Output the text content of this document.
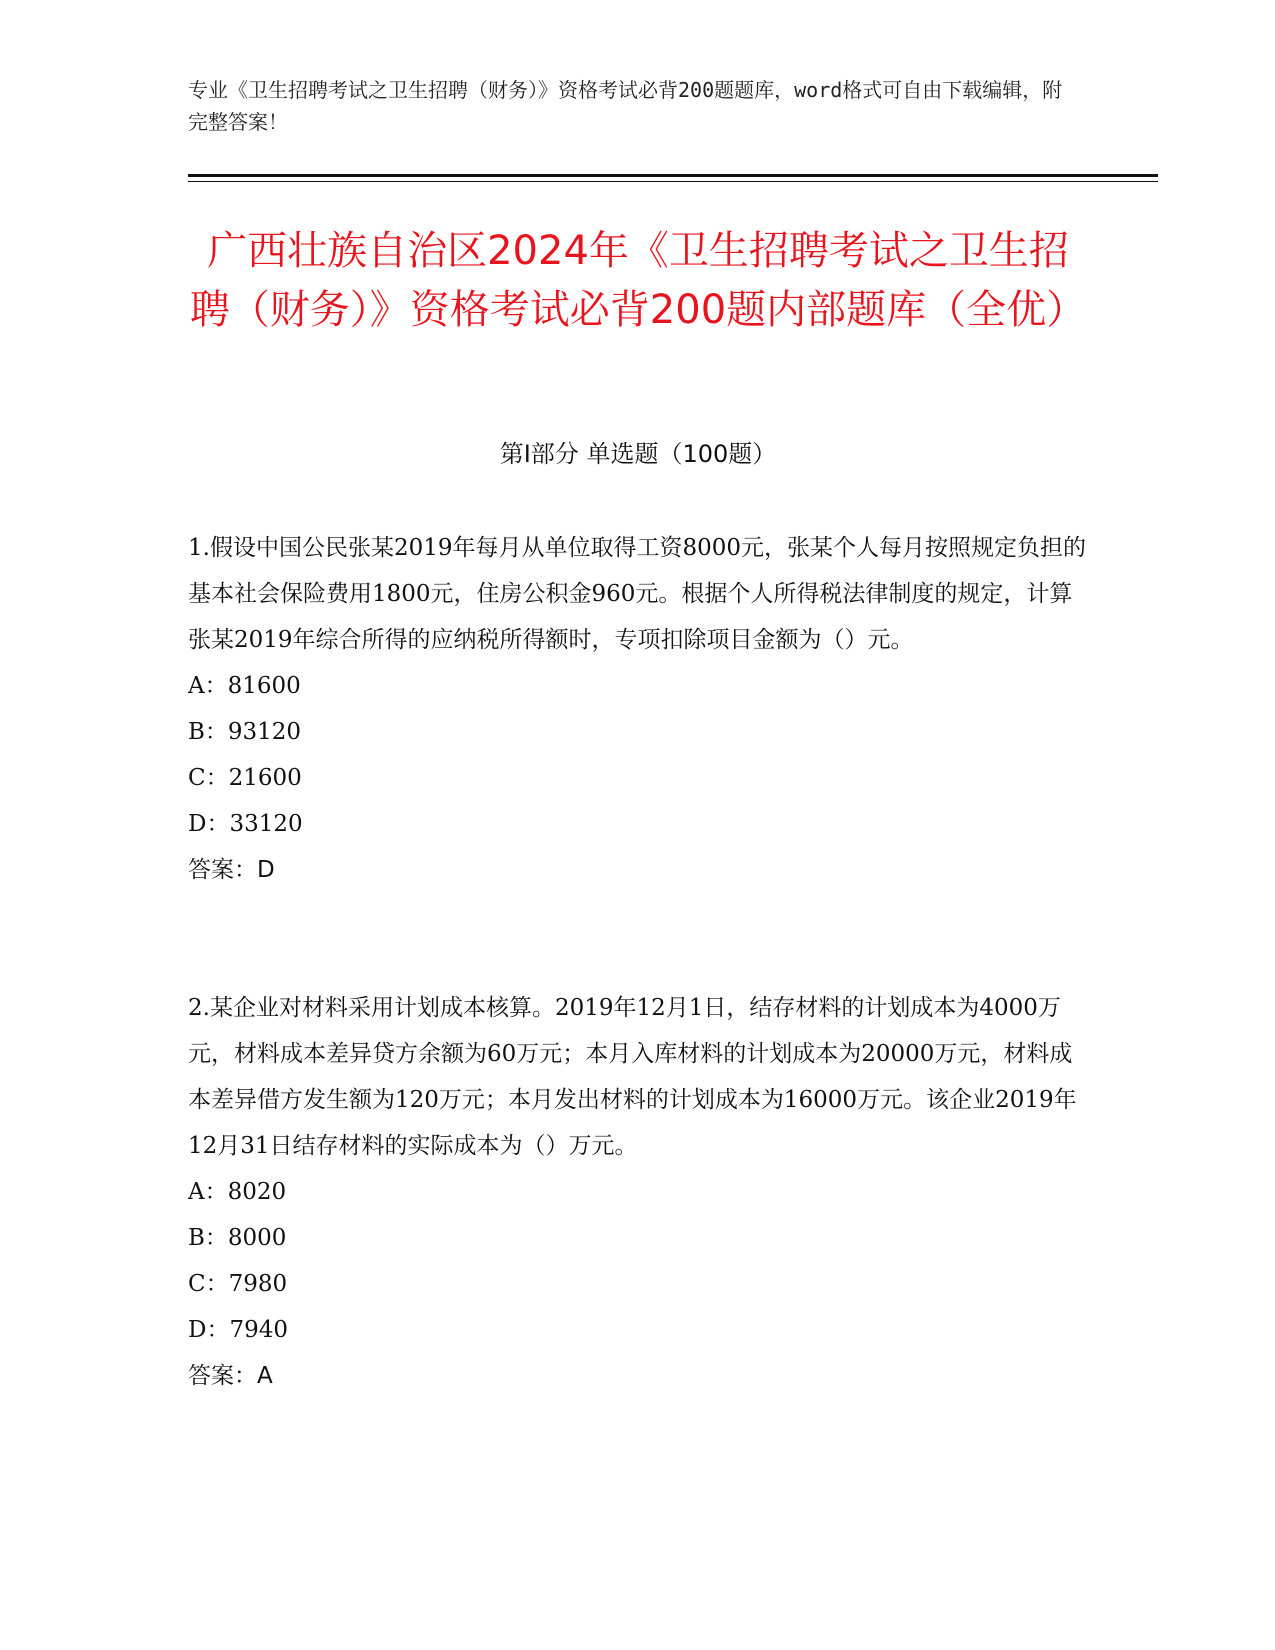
专业《卫生招聘考试之卫生招聘（财务）》资格考试必背200题题库，word格式可自由下载编辑，附完整答案！
广西壮族自治区2024年《卫生招聘考试之卫生招聘（财务）》资格考试必背200题内部题库（全优）
第I部分 单选题（100题）

1.假设中国公民张某2019年每月从单位取得工资8000元，张某个人每月按照规定负担的基本社会保险费用1800元，住房公积金960元。根据个人所得税法律制度的规定，计算张某2019年综合所得的应纳税所得额时，专项扣除项目金额为（）元。

A：81600
B：93120
C：21600
D：33120
答案：D

2.某企业对材料采用计划成本核算。2019年12月1日，结存材料的计划成本为4000万元，材料成本差异贷方余额为60万元；本月入库材料的计划成本为20000万元，材料成本差异借方发生额为120万元；本月发出材料的计划成本为16000万元。该企业2019年12月31日结存材料的实际成本为（）万元。

A：8020
B：8000
C：7980
D：7940
答案：A
